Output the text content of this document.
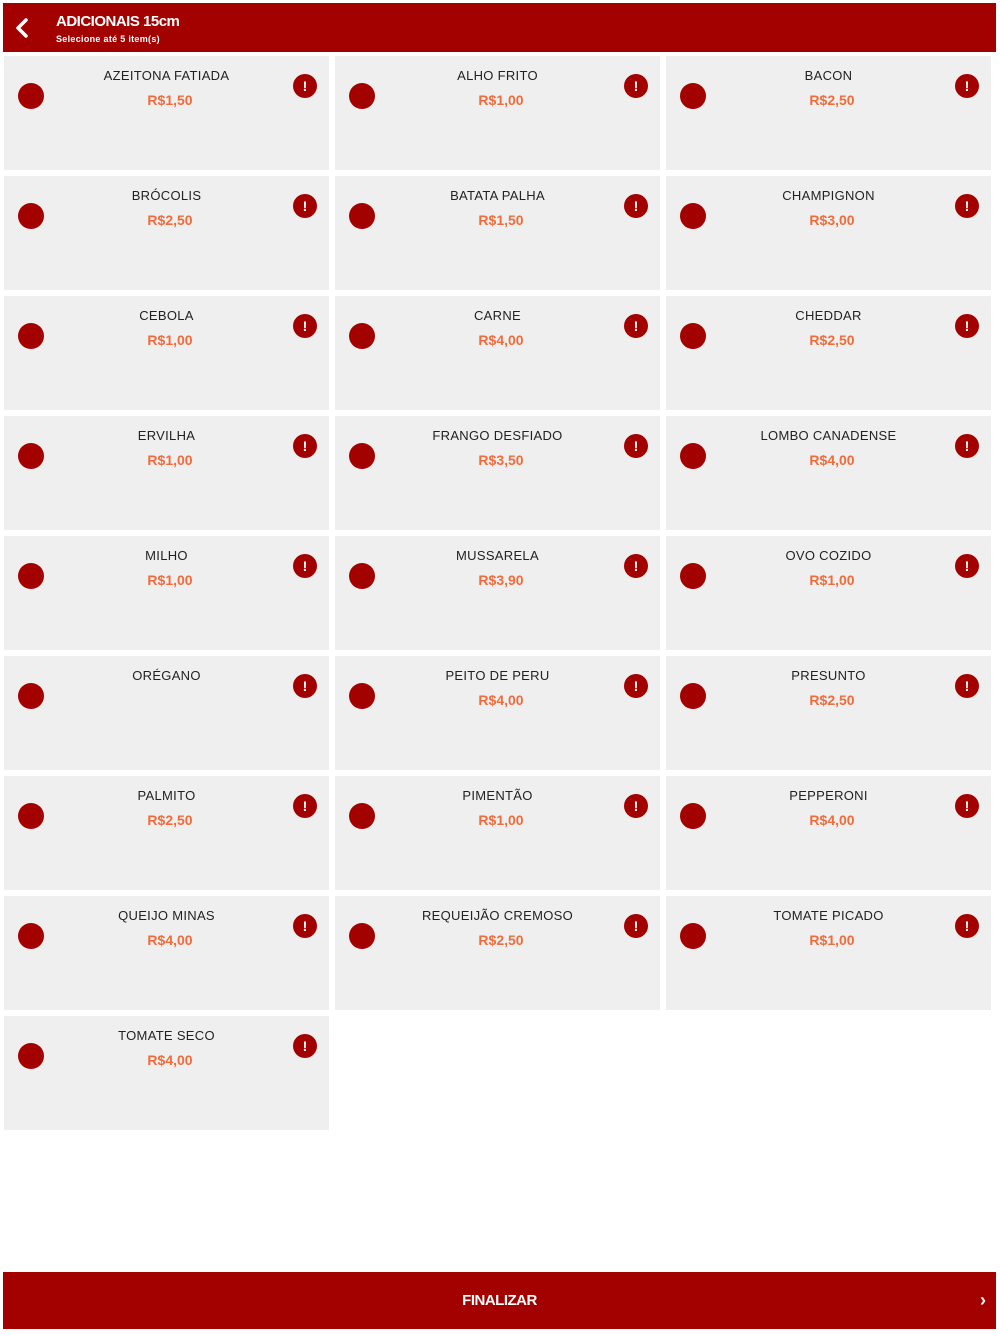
ADICIONAIS 15cm
Selecione até 5 item(s)
AZEITONA FATIADA
R$1,50
!
ALHO FRITO
R$1,00
!
BACON
R$2,50
!
BRÓCOLIS
R$2,50
!
BATATA PALHA
R$1,50
!
CHAMPIGNON
R$3,00
!
CEBOLA
R$1,00
!
CARNE
R$4,00
!
CHEDDAR
R$2,50
!
ERVILHA
R$1,00
!
FRANGO DESFIADO
R$3,50
!
LOMBO CANADENSE
R$4,00
!
MILHO
R$1,00
!
MUSSARELA
R$3,90
!
OVO COZIDO
R$1,00
!
ORÉGANO
!
PEITO DE PERU
R$4,00
!
PRESUNTO
R$2,50
!
PALMITO
R$2,50
!
PIMENTÃO
R$1,00
!
PEPPERONI
R$4,00
!
QUEIJO MINAS
R$4,00
!
REQUEIJÃO CREMOSO
R$2,50
!
TOMATE PICADO
R$1,00
!
TOMATE SECO
R$4,00
!
FINALIZAR	›
